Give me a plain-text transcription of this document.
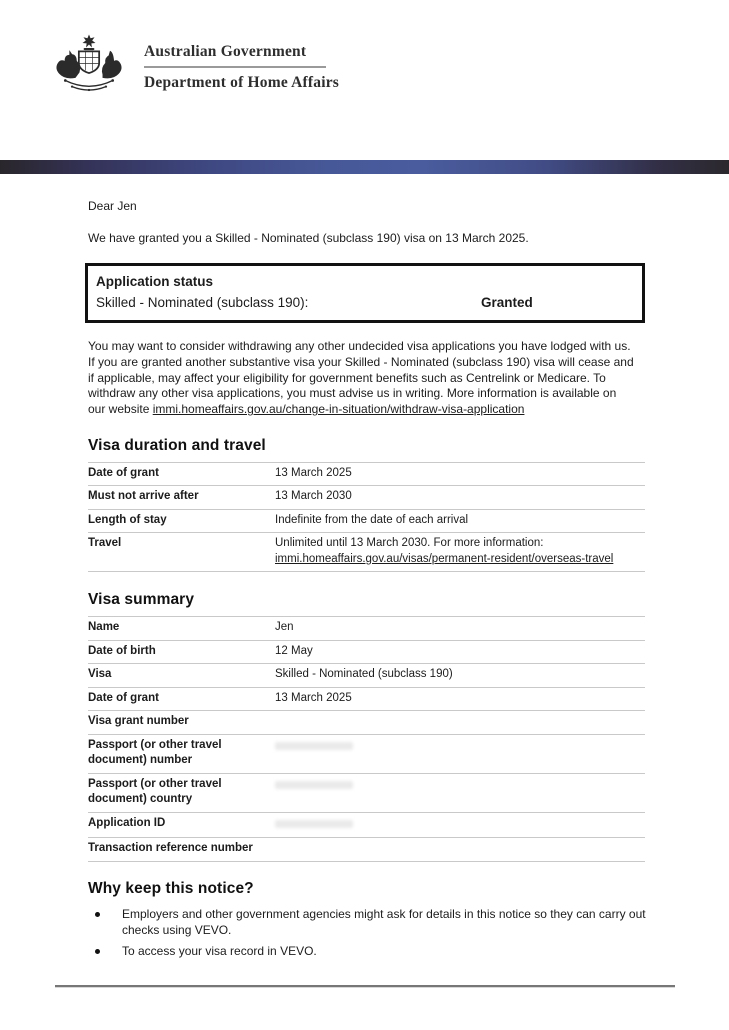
Australian Government
Department of Home Affairs

Dear Jen

We have granted you a Skilled - Nominated (subclass 190) visa on 13 March 2025.

Application status
Skilled - Nominated (subclass 190):	Granted

You may want to consider withdrawing any other undecided visa applications you have lodged with us. If you are granted another substantive visa your Skilled - Nominated (subclass 190) visa will cease and if applicable, may affect your eligibility for government benefits such as Centrelink or Medicare. To withdraw any other visa applications, you must advise us in writing. More information is available on our website immi.homeaffairs.gov.au/change-in-situation/withdraw-visa-application

Visa duration and travel
Date of grant	13 March 2025
Must not arrive after	13 March 2030
Length of stay	Indefinite from the date of each arrival
Travel	Unlimited until 13 March 2030. For more information: immi.homeaffairs.gov.au/visas/permanent-resident/overseas-travel
Visa summary
Name	Jen
Date of birth	12 May
Visa	Skilled - Nominated (subclass 190)
Date of grant	13 March 2025
Visa grant number
Passport (or other travel document) number
Passport (or other travel document) country
Application ID
Transaction reference number
Why keep this notice?
Employers and other government agencies might ask for details in this notice so they can carry out checks using VEVO.
To access your visa record in VEVO.
